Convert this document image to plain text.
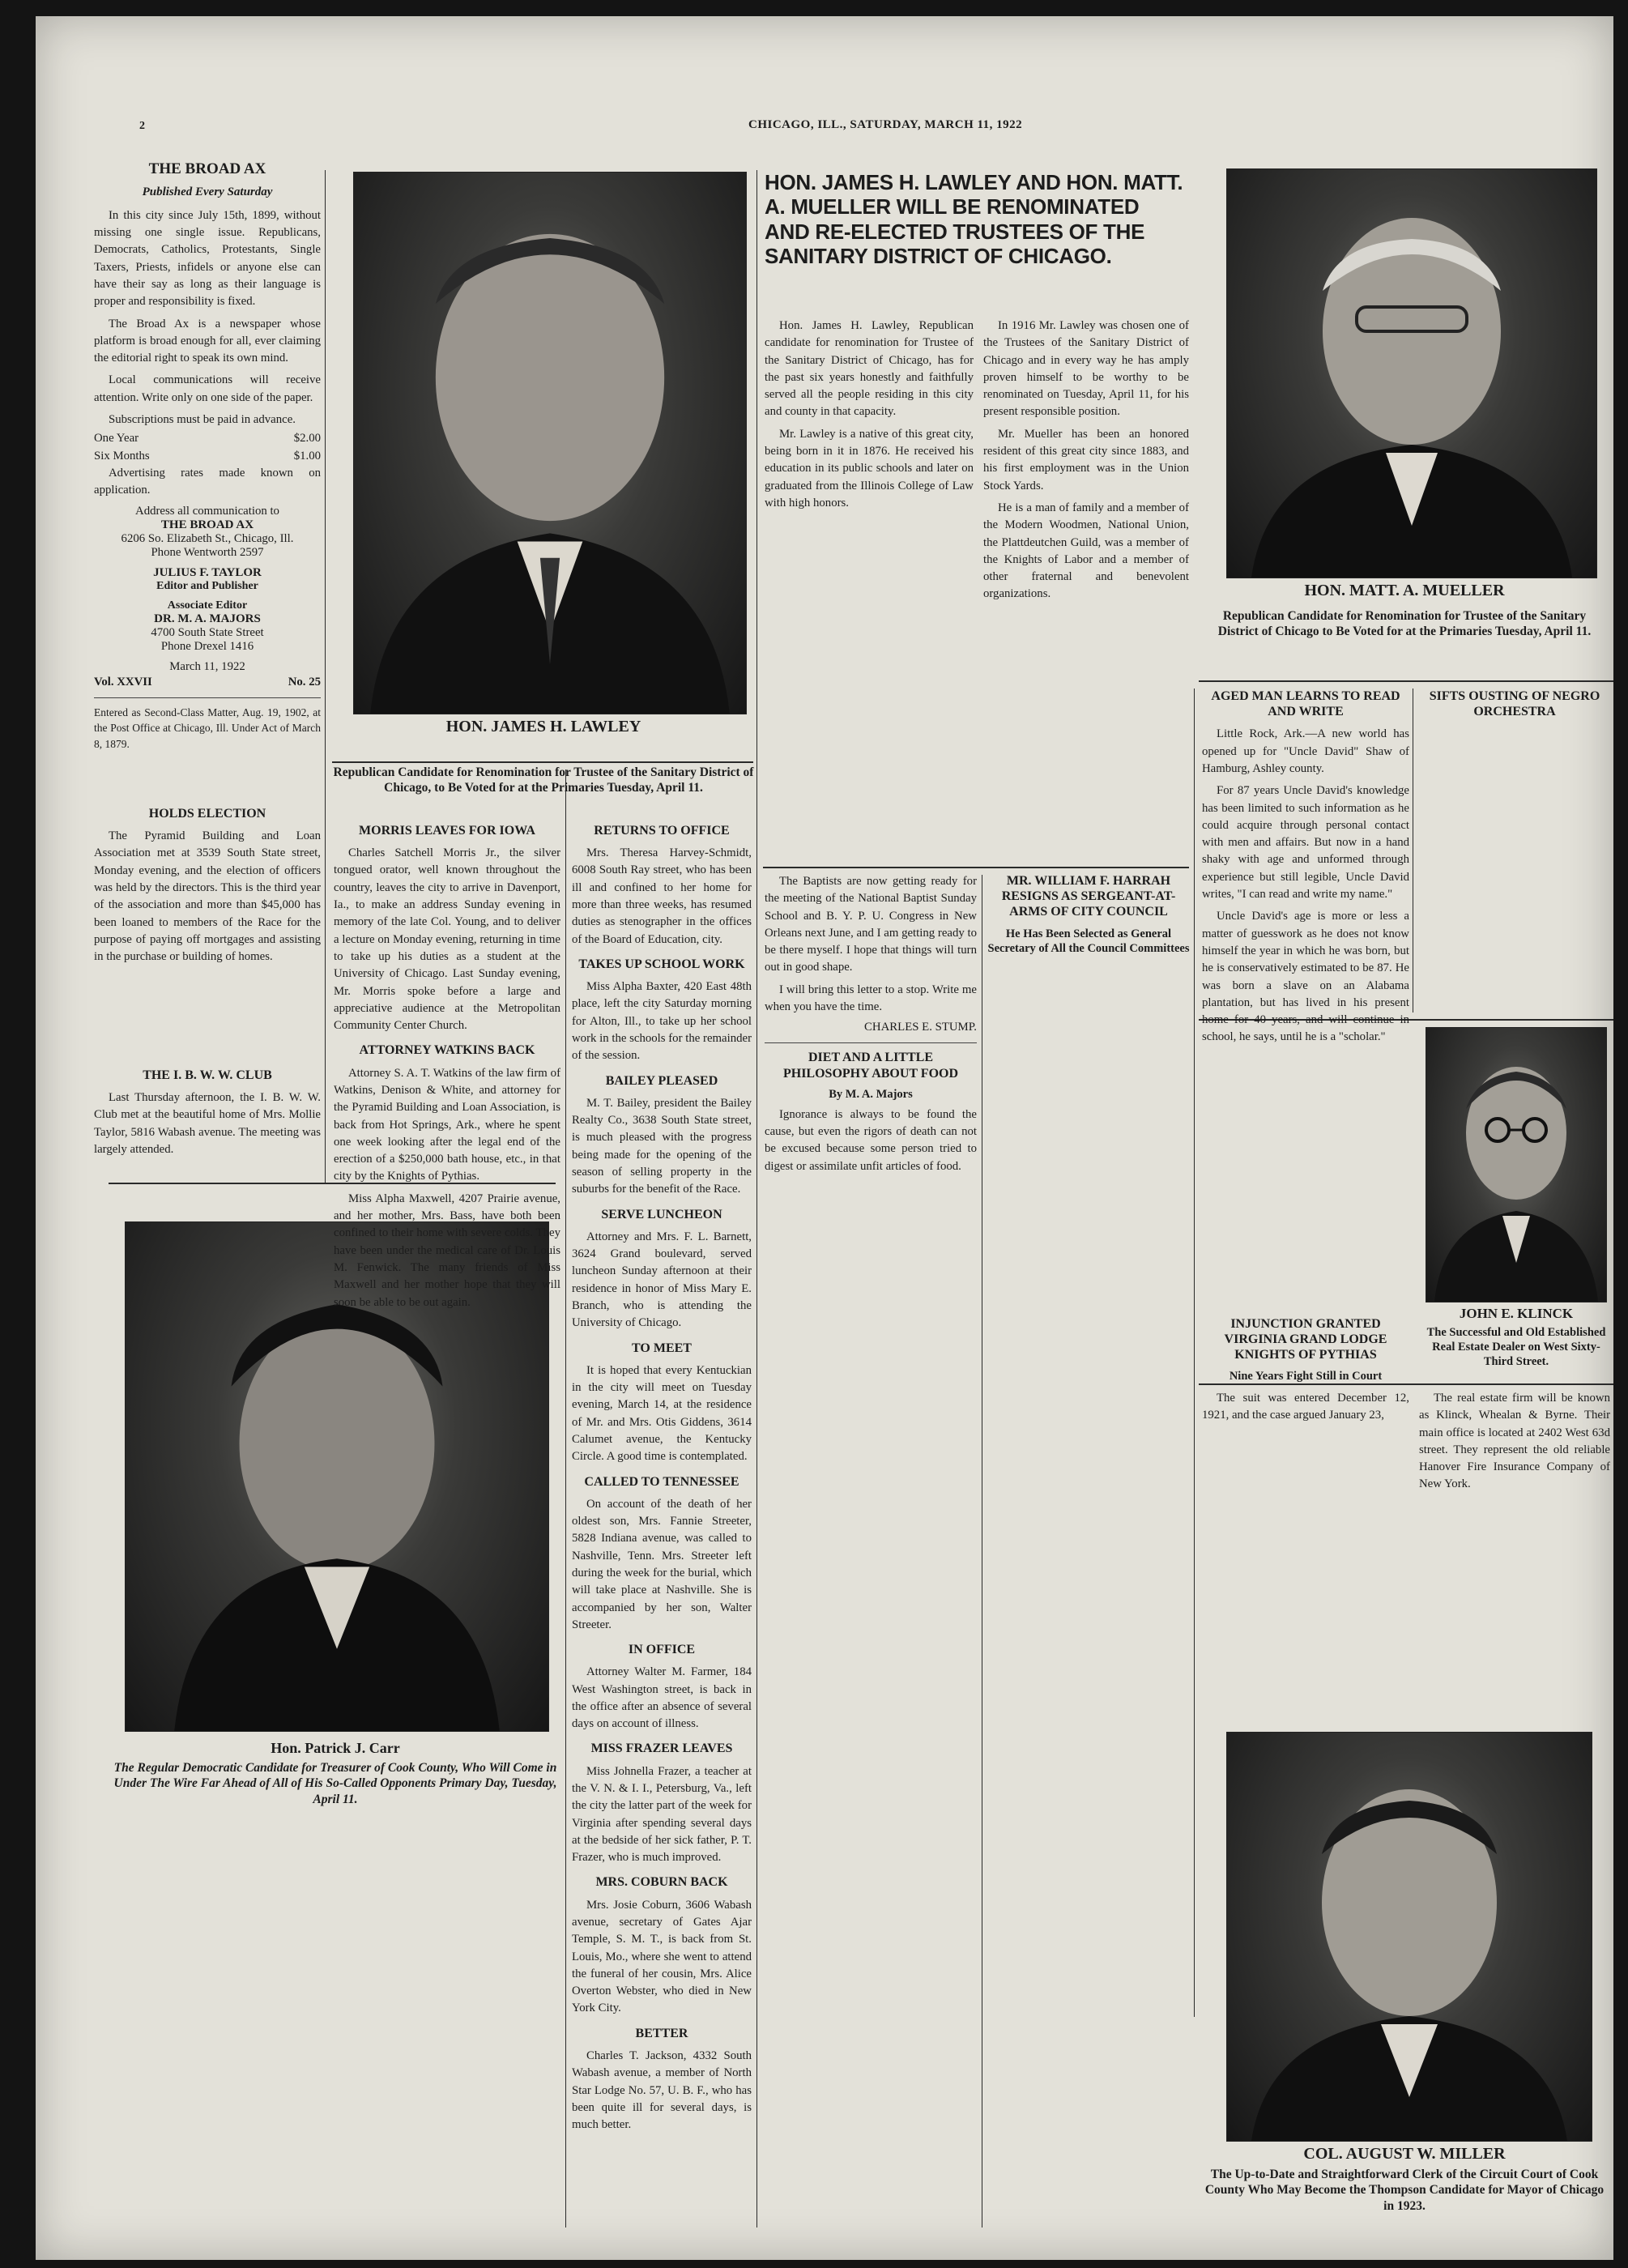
2	CHICAGO, ILL., SATURDAY, MARCH 11, 1922
THE BROAD AX
Published Every Saturday

In this city since July 15th, 1899, without missing one single issue. Republicans, Democrats, Catholics, Protestants, Single Taxers, Priests, infidels or anyone else can have their say as long as their language is proper and responsibility is fixed.

The Broad Ax is a newspaper whose platform is broad enough for all, ever claiming the editorial right to speak its own mind.

Local communications will receive attention. Write only on one side of the paper.

Subscriptions must be paid in advance.

One Year	$2.00
Six Months	$1.00

Advertising rates made known on application.

Address all communication to
THE BROAD AX
6206 So. Elizabeth St., Chicago, Ill.
Phone Wentworth 2597
JULIUS F. TAYLOR
Editor and Publisher
Associate Editor
DR. M. A. MAJORS
4700 South State Street
Phone Drexel 1416
March 11, 1922
Vol. XXVII	No. 25

Entered as Second-Class Matter, Aug. 19, 1902, at the Post Office at Chicago, Ill. Under Act of March 8, 1879.

HOLDS ELECTION

The Pyramid Building and Loan Association met at 3539 South State street, Monday evening, and the election of officers was held by the directors. This is the third year of the association and more than $45,000 has been loaned to members of the Race for the purpose of paying off mortgages and assisting in the purchase or building of homes.

THE I. B. W. W. CLUB

Last Thursday afternoon, the I. B. W. W. Club met at the beautiful home of Mrs. Mollie Taylor, 5816 Wabash avenue. The meeting was largely attended.

Hon. Patrick J. Carr
The Regular Democratic Candidate for Treasurer of Cook County, Who Will Come in Under The Wire Far Ahead of All of His So-Called Opponents Primary Day, Tuesday, April 11.
HON. JAMES H. LAWLEY
Republican Candidate for Renomination for Trustee of the Sanitary District of Chicago, to Be Voted for at the Primaries Tuesday, April 11.
MORRIS LEAVES FOR IOWA

Charles Satchell Morris Jr., the silver tongued orator, well known throughout the country, leaves the city to arrive in Davenport, Ia., to make an address Sunday evening in memory of the late Col. Young, and to deliver a lecture on Monday evening, returning in time to take up his duties as a student at the University of Chicago. Last Sunday evening, Mr. Morris spoke before a large and appreciative audience at the Metropolitan Community Center Church.

ATTORNEY WATKINS BACK

Attorney S. A. T. Watkins of the law firm of Watkins, Denison & White, and attorney for the Pyramid Building and Loan Association, is back from Hot Springs, Ark., where he spent one week looking after the legal end of the erection of a $250,000 bath house, etc., in that city by the Knights of Pythias.

Miss Alpha Maxwell, 4207 Prairie avenue, and her mother, Mrs. Bass, have both been confined to their home with severe colds. They have been under the medical care of Dr. Louis M. Fenwick. The many friends of Miss Maxwell and her mother hope that they will soon be able to be out again.

RETURNS TO OFFICE

Mrs. Theresa Harvey-Schmidt, 6008 South Ray street, who has been ill and confined to her home for more than three weeks, has resumed duties as stenographer in the offices of the Board of Education, city.

TAKES UP SCHOOL WORK

Miss Alpha Baxter, 420 East 48th place, left the city Saturday morning for Alton, Ill., to take up her school work in the schools for the remainder of the session.

BAILEY PLEASED

M. T. Bailey, president the Bailey Realty Co., 3638 South State street, is much pleased with the progress being made for the opening of the season of selling property in the suburbs for the benefit of the Race.

SERVE LUNCHEON

Attorney and Mrs. F. L. Barnett, 3624 Grand boulevard, served luncheon Sunday afternoon at their residence in honor of Miss Mary E. Branch, who is attending the University of Chicago.

TO MEET

It is hoped that every Kentuckian in the city will meet on Tuesday evening, March 14, at the residence of Mr. and Mrs. Otis Giddens, 3614 Calumet avenue, the Kentucky Circle. A good time is contemplated.

CALLED TO TENNESSEE

On account of the death of her oldest son, Mrs. Fannie Streeter, 5828 Indiana avenue, was called to Nashville, Tenn. Mrs. Streeter left during the week for the burial, which will take place at Nashville. She is accompanied by her son, Walter Streeter.

IN OFFICE

Attorney Walter M. Farmer, 184 West Washington street, is back in the office after an absence of several days on account of illness.

MISS FRAZER LEAVES

Miss Johnella Frazer, a teacher at the V. N. & I. I., Petersburg, Va., left the city the latter part of the week for Virginia after spending several days at the bedside of her sick father, P. T. Frazer, who is much improved.

MRS. COBURN BACK

Mrs. Josie Coburn, 3606 Wabash avenue, secretary of Gates Ajar Temple, S. M. T., is back from St. Louis, Mo., where she went to attend the funeral of her cousin, Mrs. Alice Overton Webster, who died in New York City.

BETTER

Charles T. Jackson, 4332 South Wabash avenue, a member of North Star Lodge No. 57, U. B. F., who has been quite ill for several days, is much better.

HON. JAMES H. LAWLEY AND HON. MATT. A. MUELLER WILL BE RENOMINATED AND RE-ELECTED TRUSTEES OF THE SANITARY DISTRICT OF CHICAGO.

Hon. James H. Lawley, Republican candidate for renomination for Trustee of the Sanitary District of Chicago, has for the past six years honestly and faithfully served all the people residing in this city and county in that capacity.

Mr. Lawley is a native of this great city, being born in it in 1876. He received his education in its public schools and later on graduated from the Illinois College of Law with high honors.

In 1916 Mr. Lawley was chosen one of the Trustees of the Sanitary District of Chicago and in every way he has amply proven himself to be worthy to be renominated on Tuesday, April 11, for his present responsible position.

Mr. Mueller has been an honored resident of this great city since 1883, and his first employment was in the Union Stock Yards.

He is a man of family and a member of the Modern Woodmen, National Union, the Plattdeutchen Guild, was a member of the Knights of Labor and a member of other fraternal and benevolent organizations.

The Baptists are now getting ready for the meeting of the National Baptist Sunday School and B. Y. P. U. Congress in New Orleans next June, and I am getting ready to be there myself. I hope that things will turn out in good shape.

I will bring this letter to a stop. Write me when you have the time.

CHARLES E. STUMP.
DIET AND A LITTLE PHILOSOPHY ABOUT FOOD
By M. A. Majors

Ignorance is always to be found the cause, but even the rigors of death can not be excused because some person tried to digest or assimilate unfit articles of food.

MR. WILLIAM F. HARRAH RESIGNS AS SERGEANT-AT-ARMS OF CITY COUNCIL
He Has Been Selected as General Secretary of All the Council Committees
HON. MATT. A. MUELLER
Republican Candidate for Renomination for Trustee of the Sanitary District of Chicago to Be Voted for at the Primaries Tuesday, April 11.
AGED MAN LEARNS TO READ AND WRITE

Little Rock, Ark.—A new world has opened up for "Uncle David" Shaw of Hamburg, Ashley county.

For 87 years Uncle David's knowledge has been limited to such information as he could acquire through personal contact with men and affairs. But now in a hand shaky with age and unformed through experience but still legible, Uncle David writes, "I can read and write my name."

Uncle David's age is more or less a matter of guesswork as he does not know himself the year in which he was born, but he is conservatively estimated to be 87. He was born a slave on an Alabama plantation, but has lived in his present home for 40 years, and will continue in school, he says, until he is a "scholar."

INJUNCTION GRANTED VIRGINIA GRAND LODGE KNIGHTS OF PYTHIAS
Nine Years Fight Still in Court

The suit was entered December 12, 1921, and the case argued January 23,

SIFTS OUSTING OF NEGRO ORCHESTRA
JOHN E. KLINCK
The Successful and Old Established Real Estate Dealer on West Sixty-Third Street.

The real estate firm will be known as Klinck, Whealan & Byrne. Their main office is located at 2402 West 63d street. They represent the old reliable Hanover Fire Insurance Company of New York.

COL. AUGUST W. MILLER
The Up-to-Date and Straightforward Clerk of the Circuit Court of Cook County Who May Become the Thompson Candidate for Mayor of Chicago in 1923.
